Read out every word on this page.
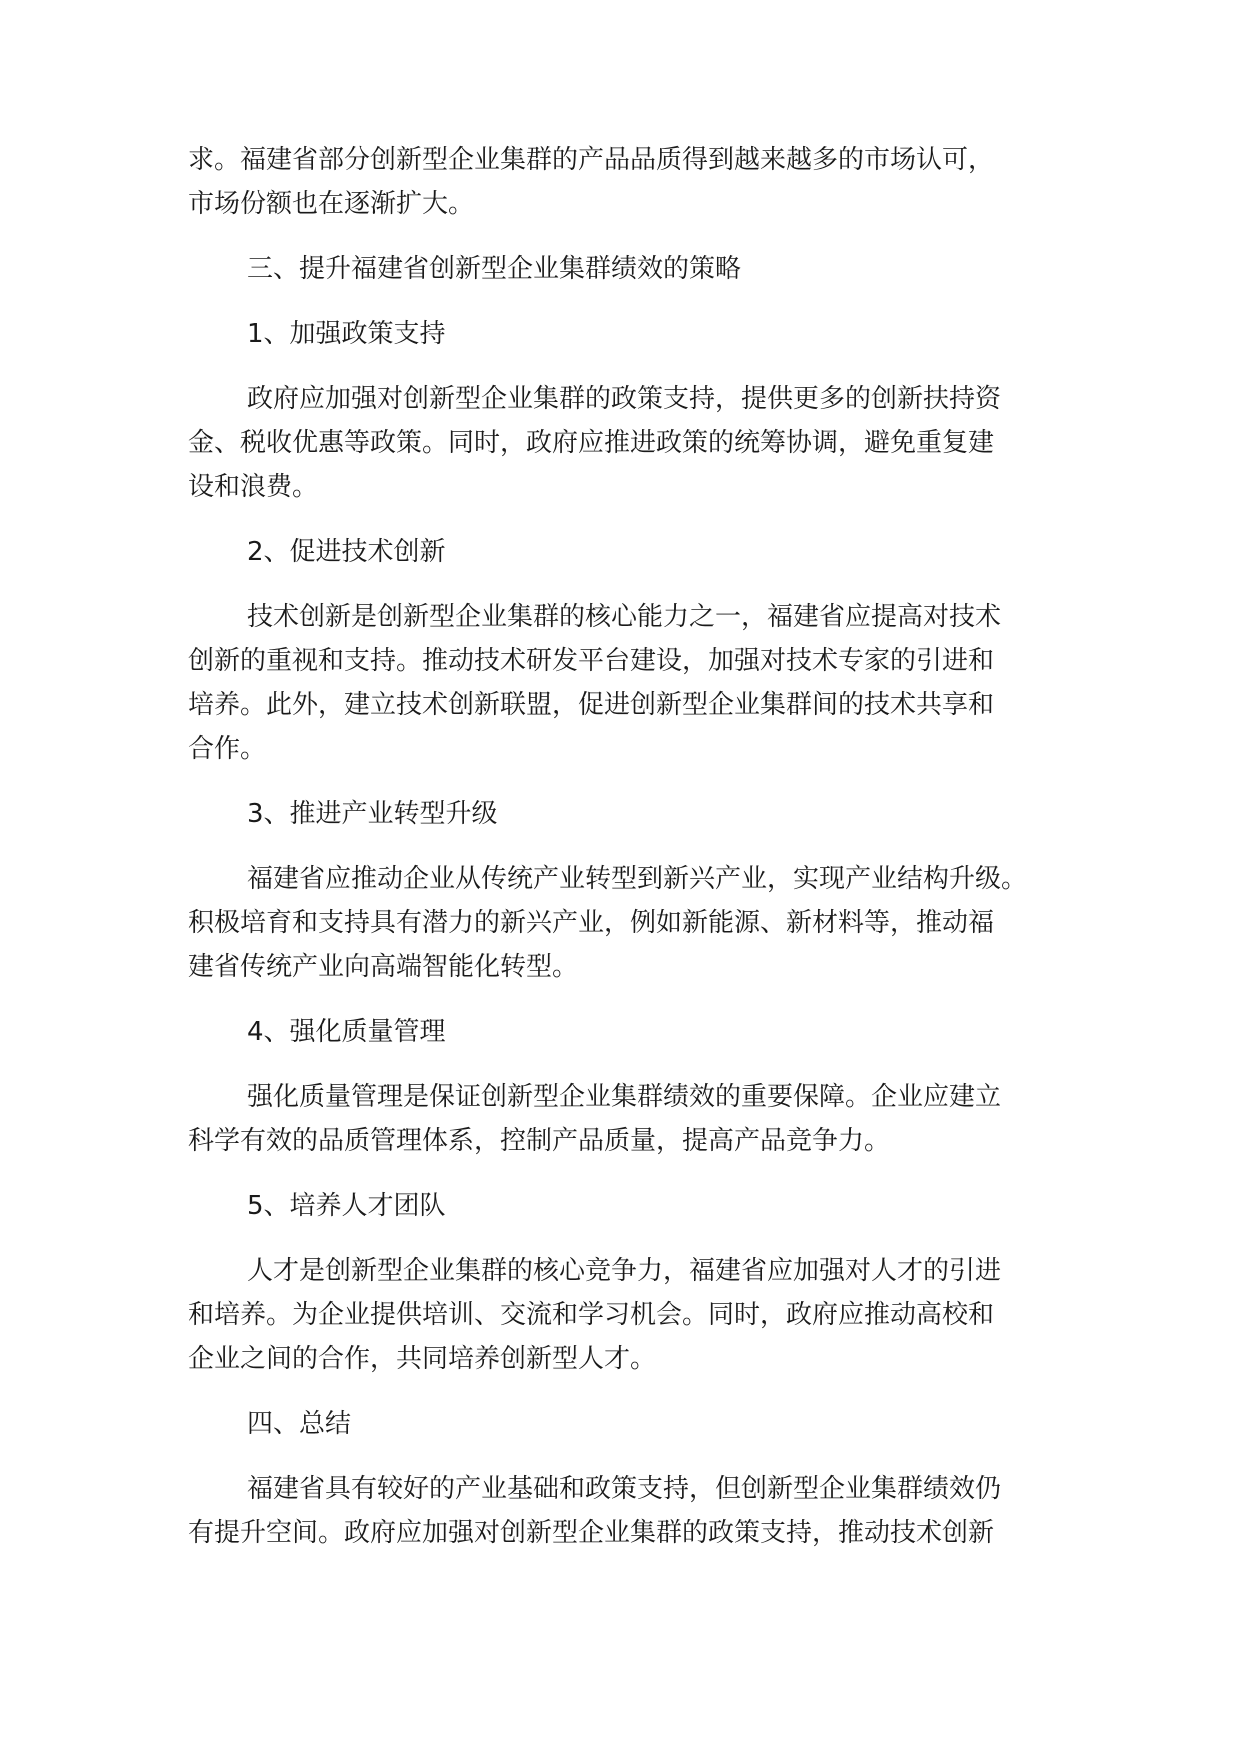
求。福建省部分创新型企业集群的产品品质得到越来越多的市场认可，
市场份额也在逐渐扩大。
三、提升福建省创新型企业集群绩效的策略
1、加强政策支持
政府应加强对创新型企业集群的政策支持，提供更多的创新扶持资
金、税收优惠等政策。同时，政府应推进政策的统筹协调，避免重复建
设和浪费。
2、促进技术创新
技术创新是创新型企业集群的核心能力之一，福建省应提高对技术
创新的重视和支持。推动技术研发平台建设，加强对技术专家的引进和
培养。此外，建立技术创新联盟，促进创新型企业集群间的技术共享和
合作。
3、推进产业转型升级
福建省应推动企业从传统产业转型到新兴产业，实现产业结构升级。
积极培育和支持具有潜力的新兴产业，例如新能源、新材料等，推动福
建省传统产业向高端智能化转型。
4、强化质量管理
强化质量管理是保证创新型企业集群绩效的重要保障。企业应建立
科学有效的品质管理体系，控制产品质量，提高产品竞争力。
5、培养人才团队
人才是创新型企业集群的核心竞争力，福建省应加强对人才的引进
和培养。为企业提供培训、交流和学习机会。同时，政府应推动高校和
企业之间的合作，共同培养创新型人才。
四、总结
福建省具有较好的产业基础和政策支持，但创新型企业集群绩效仍
有提升空间。政府应加强对创新型企业集群的政策支持，推动技术创新
